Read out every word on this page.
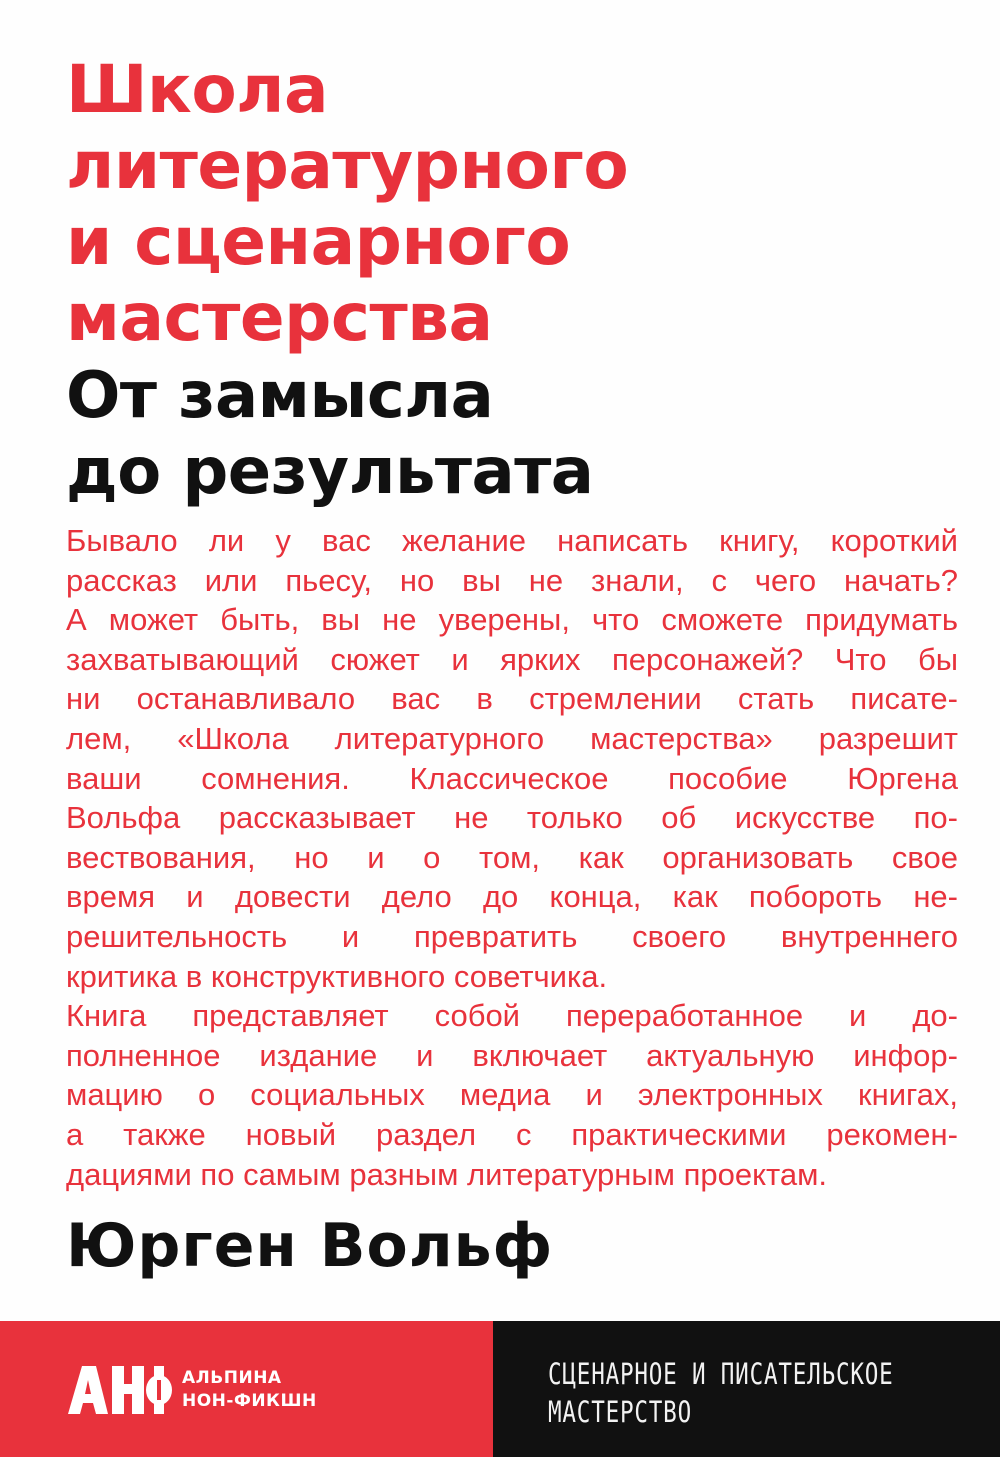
Школа
литературного
и сценарного
мастерства
От замысла
до результата
Бывало ли у вас желание написать книгу, короткий
рассказ или пьесу, но вы не знали, с чего начать?
А может быть, вы не уверены, что сможете придумать
захватывающий сюжет и ярких персонажей? Что бы
ни останавливало вас в стремлении стать писате-
лем, «Школа литературного мастерства» разрешит
ваши сомнения. Классическое пособие Юргена
Вольфа рассказывает не только об искусстве по-
вествования, но и о том, как организовать свое
время и довести дело до конца, как побороть не-
решительность и превратить своего внутреннего
критика в конструктивного советчика.
Книга представляет собой переработанное и до-
полненное издание и включает актуальную инфор-
мацию о социальных медиа и электронных книгах,
а также новый раздел с практическими рекомен-
дациями по самым разным литературным проектам.
Юрген Вольф
АЛЬПИНА
НОН-ФИКШН
СЦЕНАРНОЕ И ПИСАТЕЛЬСКОЕ
МАСТЕРСТВО
